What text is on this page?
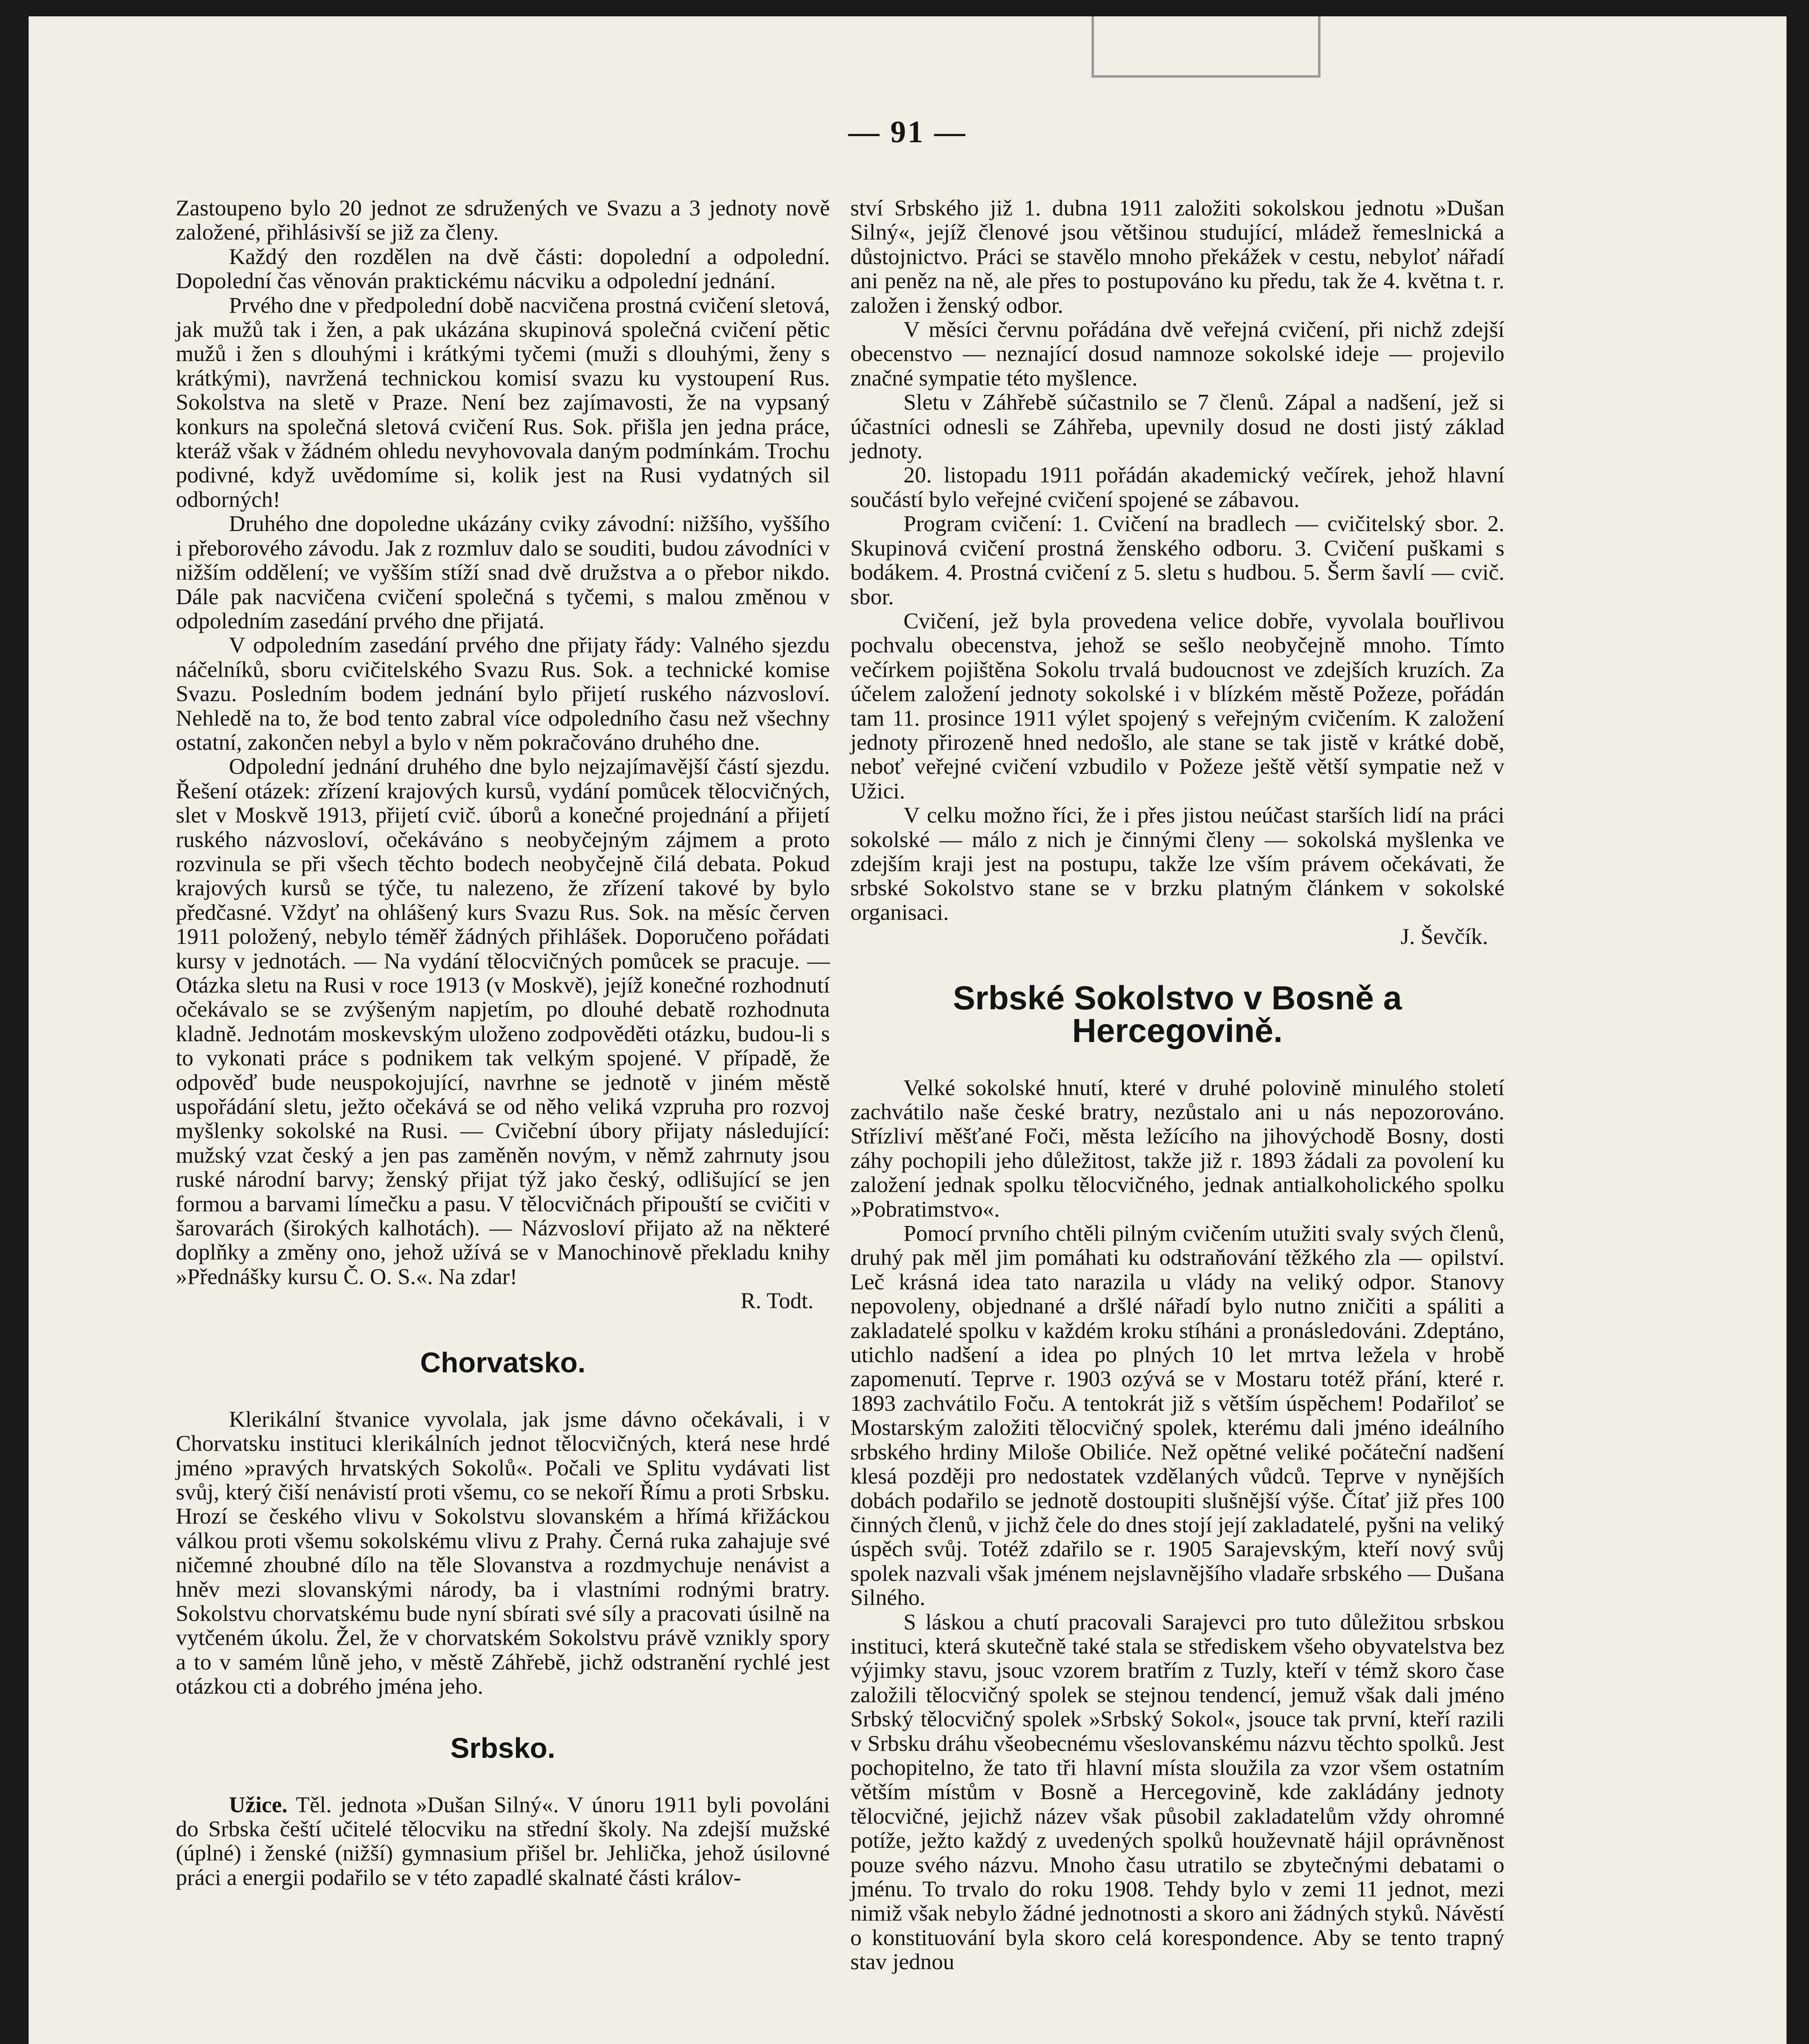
— 91 —

Zastoupeno bylo 20 jednot ze sdružených ve Svazu a 3 jednoty nově založené, přihlásivší se již za členy.

Každý den rozdělen na dvě části: dopolední a odpolední. Dopolední čas věnován praktickému nácviku a odpolední jednání.

Prvého dne v předpolední době nacvičena prostná cvičení sletová, jak mužů tak i žen, a pak ukázána skupinová společná cvičení pětic mužů i žen s dlouhými i krátkými tyčemi (muži s dlouhými, ženy s krátkými), navržená technickou komisí svazu ku vystoupení Rus. Sokolstva na sletě v Praze. Není bez zajímavosti, že na vypsaný konkurs na společná sletová cvičení Rus. Sok. přišla jen jedna práce, kteráž však v žádném ohledu nevyhovovala daným podmínkám. Trochu podivné, když uvědomíme si, kolik jest na Rusi vydatných sil odborných!

Druhého dne dopoledne ukázány cviky závodní: nižšího, vyššího i přeborového závodu. Jak z rozmluv dalo se souditi, budou závodníci v nižším oddělení; ve vyšším stíží snad dvě družstva a o přebor nikdo. Dále pak nacvičena cvičení společná s tyčemi, s malou změnou v odpoledním zasedání prvého dne přijatá.

V odpoledním zasedání prvého dne přijaty řády: Valného sjezdu náčelníků, sboru cvičitelského Svazu Rus. Sok. a technické komise Svazu. Posledním bodem jednání bylo přijetí ruského názvosloví. Nehledě na to, že bod tento zabral více odpoledního času než všechny ostatní, zakončen nebyl a bylo v něm pokračováno druhého dne.

Odpolední jednání druhého dne bylo nejzajímavější částí sjezdu. Řešení otázek: zřízení krajových kursů, vydání pomůcek tělocvičných, slet v Moskvě 1913, přijetí cvič. úborů a konečné projednání a přijetí ruského názvosloví, očekáváno s neobyčejným zájmem a proto rozvinula se při všech těchto bodech neobyčejně čilá debata. Pokud krajových kursů se týče, tu nalezeno, že zřízení takové by bylo předčasné. Vždyť na ohlášený kurs Svazu Rus. Sok. na měsíc červen 1911 položený, nebylo téměř žádných přihlášek. Doporučeno pořádati kursy v jednotách. — Na vydání tělocvičných pomůcek se pracuje. — Otázka sletu na Rusi v roce 1913 (v Moskvě), jejíž konečné rozhodnutí očekávalo se se zvýšeným napjetím, po dlouhé debatě rozhodnuta kladně. Jednotám moskevským uloženo zodpověděti otázku, budou-li s to vykonati práce s podnikem tak velkým spojené. V případě, že odpověď bude neuspokojující, navrhne se jednotě v jiném městě uspořádání sletu, ježto očekává se od něho veliká vzpruha pro rozvoj myšlenky sokolské na Rusi. — Cvičební úbory přijaty následující: mužský vzat český a jen pas zaměněn novým, v němž zahrnuty jsou ruské národní barvy; ženský přijat týž jako český, odlišující se jen formou a barvami límečku a pasu. V tělocvičnách připouští se cvičiti v šarovarách (širokých kalhotách). — Názvosloví přijato až na některé doplňky a změny ono, jehož užívá se v Manochinově překladu knihy »Přednášky kursu Č. O. S.«. Na zdar!

R. Todt.

Chorvatsko.

Klerikální štvanice vyvolala, jak jsme dávno očekávali, i v Chorvatsku instituci klerikálních jednot tělocvičných, která nese hrdé jméno »pravých hrvatských Sokolů«. Počali ve Splitu vydávati list svůj, který čiší nenávistí proti všemu, co se nekoří Římu a proti Srbsku. Hrozí se českého vlivu v Sokolstvu slovanském a hřímá křižáckou válkou proti všemu sokolskému vlivu z Prahy. Černá ruka zahajuje své ničemné zhoubné dílo na těle Slovanstva a rozdmychuje nenávist a hněv mezi slovanskými národy, ba i vlastními rodnými bratry. Sokolstvu chorvatskému bude nyní sbírati své síly a pracovati úsilně na vytčeném úkolu. Žel, že v chorvatském Sokolstvu právě vznikly spory a to v samém lůně jeho, v městě Záhřebě, jichž odstranění rychlé jest otázkou cti a dobrého jména jeho.

Srbsko.

Užice. Těl. jednota »Dušan Silný«. V únoru 1911 byli povoláni do Srbska čeští učitelé tělocviku na střední školy. Na zdejší mužské (úplné) i ženské (nižší) gymnasium přišel br. Jehlička, jehož úsilovné práci a energii podařilo se v této zapadlé skalnaté části králov-

ství Srbského již 1. dubna 1911 založiti sokolskou jednotu »Dušan Silný«, jejíž členové jsou většinou studující, mládež řemeslnická a důstojnictvo. Práci se stavělo mnoho překážek v cestu, nebyloť nářadí ani peněz na ně, ale přes to postupováno ku předu, tak že 4. května t. r. založen i ženský odbor.

V měsíci červnu pořádána dvě veřejná cvičení, při nichž zdejší obecenstvo — neznající dosud namnoze sokolské ideje — projevilo značné sympatie této myšlence.

Sletu v Záhřebě súčastnilo se 7 členů. Zápal a nadšení, jež si účastníci odnesli se Záhřeba, upevnily dosud ne dosti jistý základ jednoty.

20. listopadu 1911 pořádán akademický večírek, jehož hlavní součástí bylo veřejné cvičení spojené se zábavou.

Program cvičení: 1. Cvičení na bradlech — cvičitelský sbor. 2. Skupinová cvičení prostná ženského odboru. 3. Cvičení puškami s bodákem. 4. Prostná cvičení z 5. sletu s hudbou. 5. Šerm šavlí — cvič. sbor.

Cvičení, jež byla provedena velice dobře, vyvolala bouřlivou pochvalu obecenstva, jehož se sešlo neobyčejně mnoho. Tímto večírkem pojištěna Sokolu trvalá budoucnost ve zdejších kruzích. Za účelem založení jednoty sokolské i v blízkém městě Požeze, pořádán tam 11. prosince 1911 výlet spojený s veřejným cvičením. K založení jednoty přirozeně hned nedošlo, ale stane se tak jistě v krátké době, neboť veřejné cvičení vzbudilo v Požeze ještě větší sympatie než v Užici.

V celku možno říci, že i přes jistou neúčast starších lidí na práci sokolské — málo z nich je činnými členy — sokolská myšlenka ve zdejším kraji jest na postupu, takže lze vším právem očekávati, že srbské Sokolstvo stane se v brzku platným článkem v sokolské organisaci.

J. Ševčík.

Srbské Sokolstvo v Bosně a Hercegovině.

Velké sokolské hnutí, které v druhé polovině minulého století zachvátilo naše české bratry, nezůstalo ani u nás nepozorováno. Střízliví měšťané Foči, města ležícího na jihovýchodě Bosny, dosti záhy pochopili jeho důležitost, takže již r. 1893 žádali za povolení ku založení jednak spolku tělocvičného, jednak antialkoholického spolku »Pobratimstvo«.

Pomocí prvního chtěli pilným cvičením utužiti svaly svých členů, druhý pak měl jim pomáhati ku odstraňování těžkého zla — opilství. Leč krásná idea tato narazila u vlády na veliký odpor. Stanovy nepovoleny, objednané a dršlé nářadí bylo nutno zničiti a spáliti a zakladatelé spolku v každém kroku stíháni a pronásledováni. Zdeptáno, utichlo nadšení a idea po plných 10 let mrtva ležela v hrobě zapomenutí. Teprve r. 1903 ozývá se v Mostaru totéž přání, které r. 1893 zachvátilo Foču. A tentokrát již s větším úspěchem! Podařiloť se Mostarským založiti tělocvičný spolek, kterému dali jméno ideálního srbského hrdiny Miloše Obiliće. Než opětné veliké počáteční nadšení klesá později pro nedostatek vzdělaných vůdců. Teprve v nynějších dobách podařilo se jednotě dostoupiti slušnější výše. Čítať již přes 100 činných členů, v jichž čele do dnes stojí její zakladatelé, pyšni na veliký úspěch svůj. Totéž zdařilo se r. 1905 Sarajevským, kteří nový svůj spolek nazvali však jménem nejslavnějšího vladaře srbského — Dušana Silného.

S láskou a chutí pracovali Sarajevci pro tuto důležitou srbskou instituci, která skutečně také stala se střediskem všeho obyvatelstva bez výjimky stavu, jsouc vzorem bratřím z Tuzly, kteří v témž skoro čase založili tělocvičný spolek se stejnou tendencí, jemuž však dali jméno Srbský tělocvičný spolek »Srbský Sokol«, jsouce tak první, kteří razili v Srbsku dráhu všeobecnému všeslovanskému názvu těchto spolků. Jest pochopitelno, že tato tři hlavní místa sloužila za vzor všem ostatním větším místům v Bosně a Hercegovině, kde zakládány jednoty tělocvičné, jejichž název však působil zakladatelům vždy ohromné potíže, ježto každý z uvedených spolků houževnatě hájil oprávněnost pouze svého názvu. Mnoho času utratilo se zbytečnými debatami o jménu. To trvalo do roku 1908. Tehdy bylo v zemi 11 jednot, mezi nimiž však nebylo žádné jednotnosti a skoro ani žádných styků. Návěstí o konstituování byla skoro celá korespondence. Aby se tento trapný stav jednou
